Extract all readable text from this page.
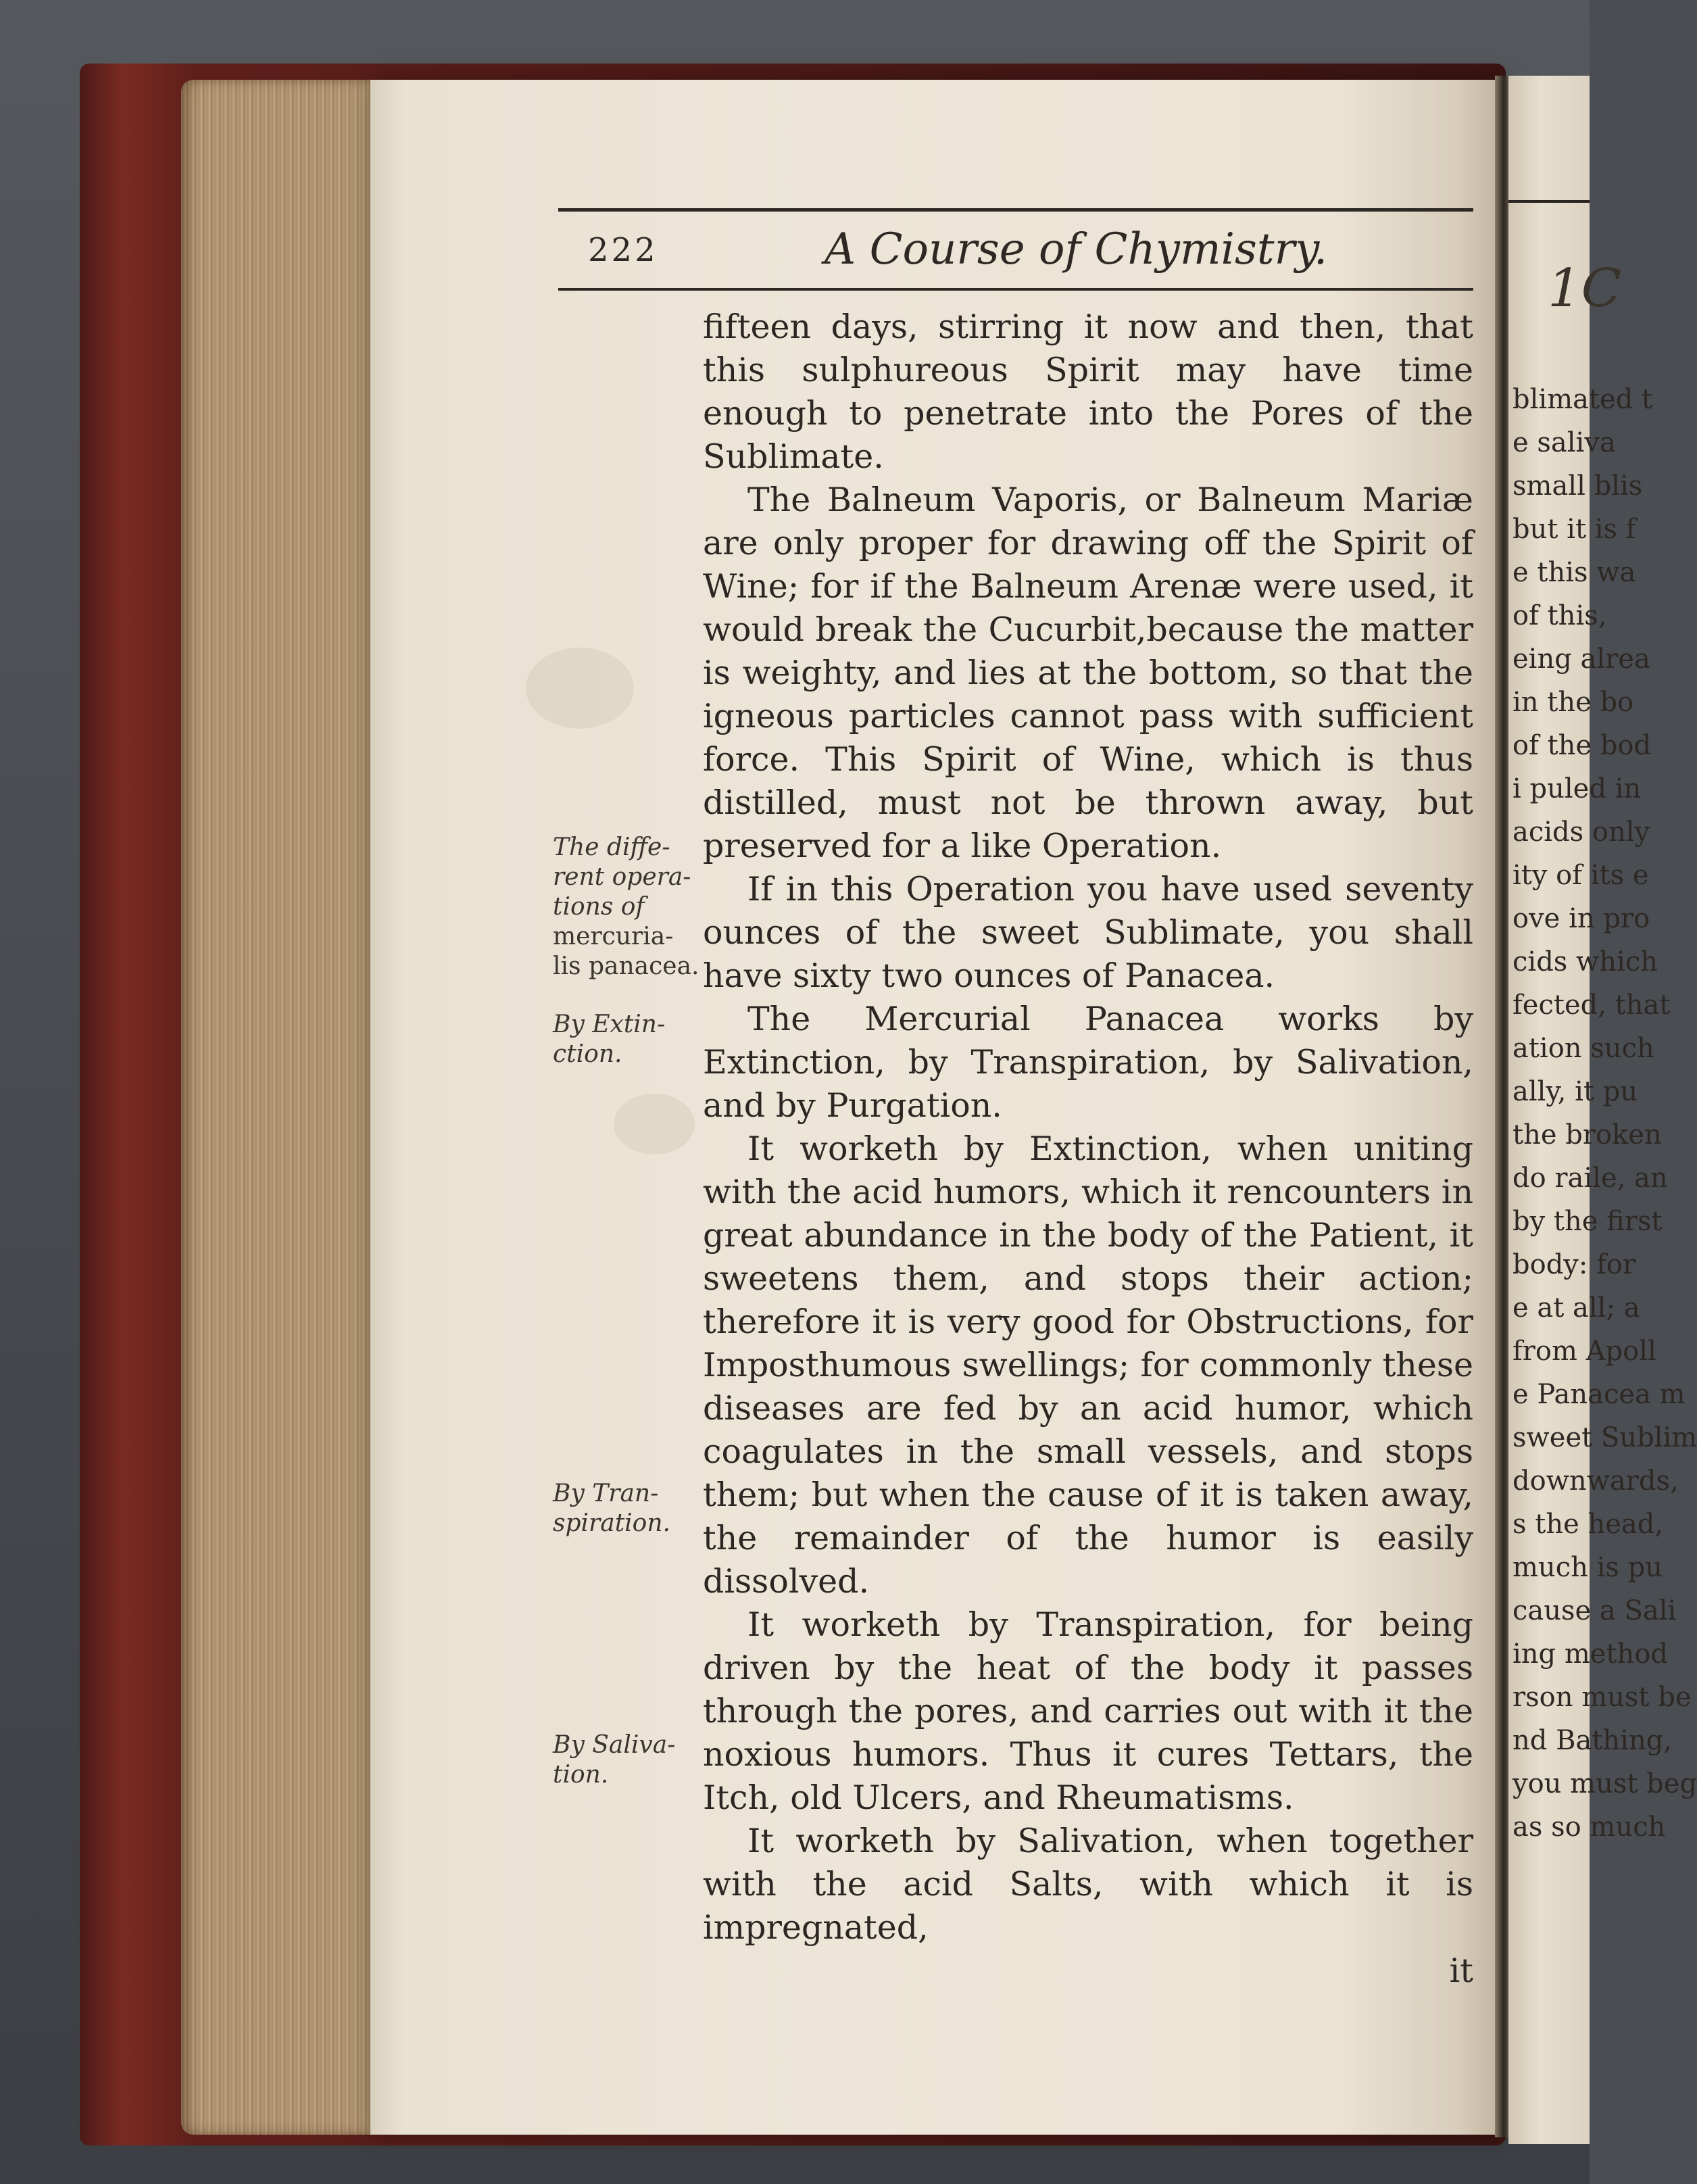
222	A Course of Chymistry.

fifteen days, stirring it now and then, that this sulphureous Spirit may have time enough to penetrate into the Pores of the Sublimate.

The Balneum Vaporis, or Balneum Mariæ are only proper for drawing off the Spirit of Wine; for if the Balneum Arenæ were used, it would break the Cucurbit,because the matter is weighty, and lies at the bottom, so that the igneous particles cannot pass with sufficient force. This Spirit of Wine, which is thus distilled, must not be thrown away, but preserved for a like Operation.

If in this Operation you have used seventy ounces of the sweet Sublimate, you shall have sixty two ounces of Panacea.

The Mercurial Panacea works by Extinction, by Transpiration, by Salivation, and by Purgation.

It worketh by Extinction, when uniting with the acid humors, which it rencounters in great abundance in the body of the Patient, it sweetens them, and stops their action; therefore it is very good for Obstructions, for Imposthumous swellings; for commonly these diseases are fed by an acid humor, which coagulates in the small vessels, and stops them; but when the cause of it is taken away, the remainder of the humor is easily dissolved.

It worketh by Transpiration, for being driven by the heat of the body it passes through the pores, and carries out with it the noxious humors. Thus it cures Tettars, the Itch, old Ulcers, and Rheumatisms.

It worketh by Salivation, when together with the acid Salts, with which it is impregnated,

it

The diffe-
rent opera-
tions of
mercuria-
lis panacea.
By Extin-
ction.
By Tran-
spiration.
By Saliva-
tion.
1C
blimated t
e saliva
small blis
but it is f
e this wa
of this,
eing alrea
in the bo
of the bod
i puled in
acids only
ity of its e
ove in pro
cids which
fected, that
ation such
ally, it pu
the broken
do raile, an
by the first
body: for
e at all; a
from Apoll
e Panacea m
sweet Sublim
downwards,
s the head,
much is pu
cause a Sali
ing method
rson must be
nd Bathing,
you must beg
as so much
